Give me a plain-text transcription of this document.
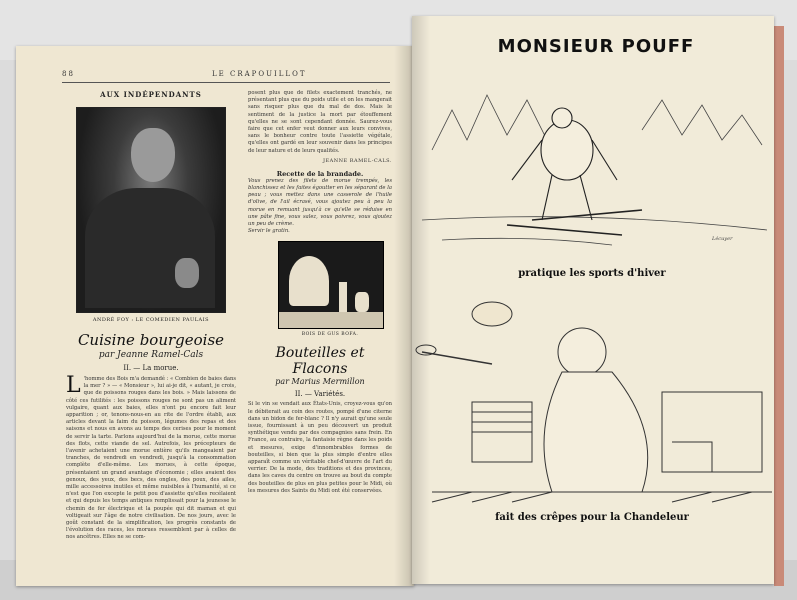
88	LE CRAPOUILLOT
AUX INDÉPENDANTS
ANDRÉ FOY : LE COMEDIEN PAULAIS
Cuisine bourgeoise
par Jeanne Ramel-Cals
II. — La morue.
L 'homme des Bois m'a demandé : « Combien de baies dans la mer ? » — « Monsieur », lui ai-je dit, « autant, je crois, que de poissons rouges dans les bois. » Mais laissons de côté ces futilités : les poissons rouges ne sont pas un aliment vulgaire, quant aux baies, elles n'ont pu encore fait leur apparition ; or, tenons-nous-en au rite de l'ordre établi, aux articles devant la faim du poisson, légumes des repas et des saisons et nous en avons au temps des cerises pour le moment de servir la tarte. Parlons aujourd'hui de la morue, cette morue des flots, cette viande de sel. Autrefois, les précepteurs de l'avenir achetaient une morue entière qu'ils mangeaient par tranches, de vendredi en vendredi, jusqu'à la consommation complète d'elle-même. Les morues, à cette époque, présentaient un grand avantage d'économie ; elles avaient des genoux, des yeux, des becs, des ongles, des poux, des ailes, mille accessoires inutiles et même nuisibles à l'humanité, si ce n'est que l'on excepte le petit pou d'assiette qu'elles recélaient et qui depuis les temps antiques remplissait pour la jeunesse le chemin de fer électrique et la poupée qui dit maman et qui voltigeait sur l'âge de notre civilisation. De nos jours, avec le goût constant de la simplification, les progrès constants de l'évolution des races, les morues ressemblent par à celles de nos ancêtres. Elles ne se com-
posent plus que de filets exactement tranchés, ne présentant plus que du poids utile et on les mangerait sans risquer plus que du mal de dos. Mais le sentiment de la justice la mort par étouffement qu'elles ne se sont cependant donnée. Saurez-vous faire que cet enfer veut donner aux leurs convives, sans le bonheur contre toute l'assiette végétale, qu'elles ont gardé en leur souvenir dans les principes de leur nature et de leurs qualités.
JEANNE RAMEL-CALS.
Recette de la brandade.
Vous prenez des filets de morue trempés, les blanchissez et les faites égoutter en les séparant de la peau ; vous mettez dans une casserole de l'huile d'olive, de l'ail écrasé, vous ajoutez peu à peu la morue en remuant jusqu'à ce qu'elle se réduise en une pâte fine, vous salez, vous poivrez, vous ajoutez un peu de crème.
Servir le gratin.
BOIS DE GUS BOFA.
Bouteilles et Flacons
par Marius Mermillon
II. — Variétés.
Si le vin se vendait aux États-Unis, croyez-vous qu'on le débiterait au coin des routes, pompé d'une citerne dans un bidon de fer-blanc ? Il n'y aurait qu'une seule issue, fournissant à un peu découvert un produit synthétique vendu par des compagnies sans frein. En France, au contraire, la fantaisie règne dans les poids et mesures, exige d'innombrables formes de bouteilles, si bien que la plus simple d'entre elles apparaît comme un véritable chef-d'œuvre de l'art du verrier. De la mode, des traditions et des provinces, dans les caves du centre on trouve au bout du compte des bouteilles de plus en plus petites pour le Midi, où les mesures des Saints du Midi ont été conservées.
MONSIEUR POUFF
Lécuyer
pratique les sports d'hiver
fait des crêpes pour la Chandeleur
